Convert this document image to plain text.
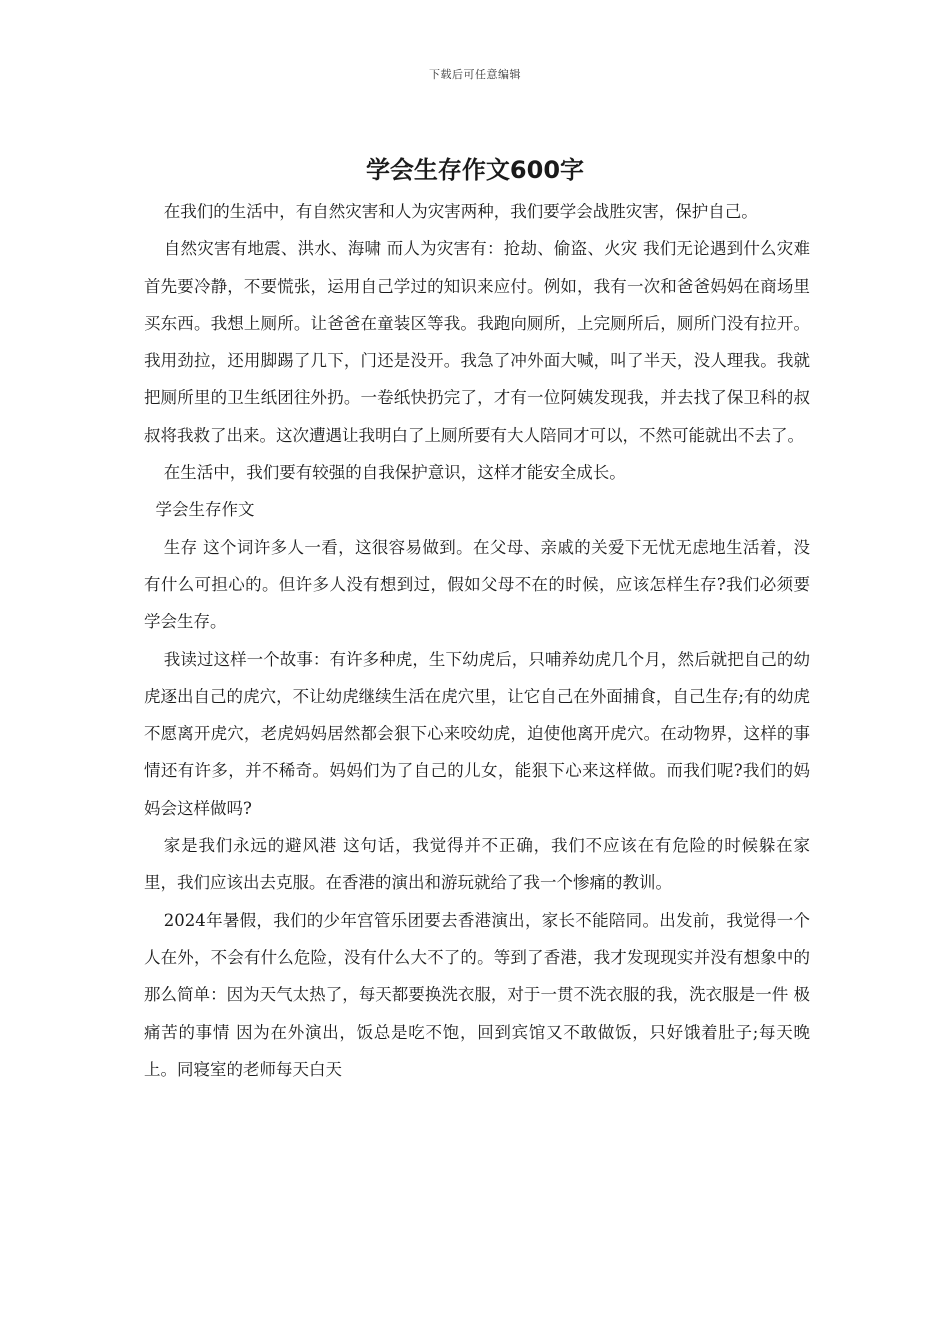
下载后可任意编辑
学会生存作文600字

在我们的生活中，有自然灾害和人为灾害两种，我们要学会战胜灾害，保护自己。

自然灾害有地震、洪水、海啸 而人为灾害有：抢劫、偷盗、火灾 我们无论遇到什么灾难首先要冷静，不要慌张，运用自己学过的知识来应付。例如，我有一次和爸爸妈妈在商场里买东西。我想上厕所。让爸爸在童装区等我。我跑向厕所，上完厕所后，厕所门没有拉开。我用劲拉，还用脚踢了几下，门还是没开。我急了冲外面大喊，叫了半天，没人理我。我就把厕所里的卫生纸团往外扔。一卷纸快扔完了，才有一位阿姨发现我，并去找了保卫科的叔叔将我救了出来。这次遭遇让我明白了上厕所要有大人陪同才可以，不然可能就出不去了。

在生活中，我们要有较强的自我保护意识，这样才能安全成长。

学会生存作文

生存 这个词许多人一看，这很容易做到。在父母、亲戚的关爱下无忧无虑地生活着，没有什么可担心的。但许多人没有想到过，假如父母不在的时候，应该怎样生存?我们必须要学会生存。

我读过这样一个故事：有许多种虎，生下幼虎后，只哺养幼虎几个月，然后就把自己的幼虎逐出自己的虎穴，不让幼虎继续生活在虎穴里，让它自己在外面捕食，自己生存;有的幼虎不愿离开虎穴，老虎妈妈居然都会狠下心来咬幼虎，迫使他离开虎穴。在动物界，这样的事情还有许多，并不稀奇。妈妈们为了自己的儿女，能狠下心来这样做。而我们呢?我们的妈妈会这样做吗?

家是我们永远的避风港 这句话，我觉得并不正确，我们不应该在有危险的时候躲在家里，我们应该出去克服。在香港的演出和游玩就给了我一个惨痛的教训。

2024年暑假，我们的少年宫管乐团要去香港演出，家长不能陪同。出发前，我觉得一个人在外，不会有什么危险，没有什么大不了的。等到了香港，我才发现现实并没有想象中的那么简单：因为天气太热了，每天都要换洗衣服，对于一贯不洗衣服的我，洗衣服是一件 极痛苦的事情 因为在外演出，饭总是吃不饱，回到宾馆又不敢做饭，只好饿着肚子;每天晚上。同寝室的老师每天白天
